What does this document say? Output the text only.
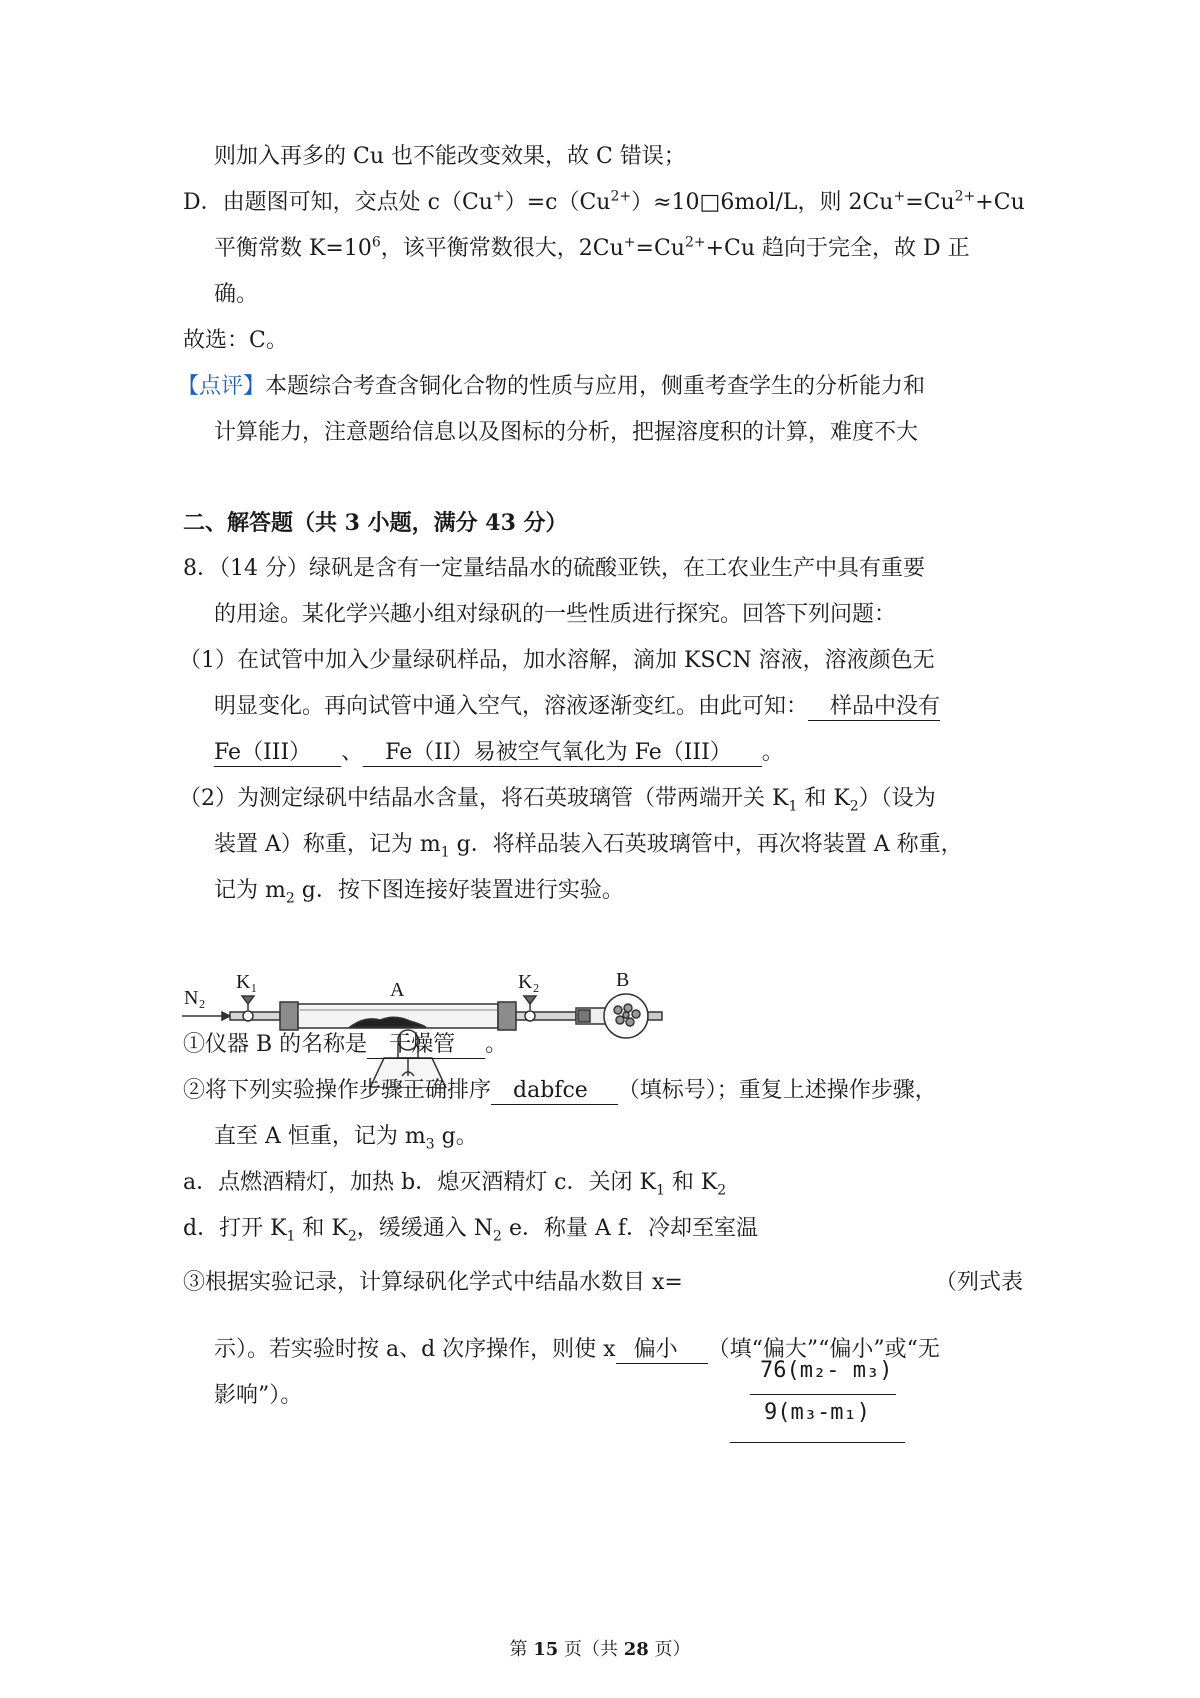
则加入再多的 Cu 也不能改变效果，故 C 错误；
D．由题图可知，交点处 $c(Cu^+)=c(Cu^{2+})\approx 10□6mol/L$，则 $2Cu^+=Cu^{2+}+Cu$
平衡常数 $K=10^6$，该平衡常数很大，$2Cu^+=Cu^{2+}+Cu$ 趋向于完全，故 D 正
确。
故选：C。
【点评】本题综合考查含铜化合物的性质与应用，侧重考查学生的分析能力和
计算能力，注意题给信息以及图标的分析，把握溶度积的计算，难度不大
二、解答题（共 3 小题，满分 43 分）
8．（14 分）绿矾是含有一定量结晶水的硫酸亚铁，在工农业生产中具有重要
的用途。某化学兴趣小组对绿矾的一些性质进行探究。回答下列问题：
（1）在试管中加入少量绿矾样品，加水溶解，滴加 KSCN 溶液，溶液颜色无
明显变化。再向试管中通入空气，溶液逐渐变红。由此可知： 样品中没有
Fe（III） 、 Fe（II）易被空气氧化为 Fe（III） 。
（2）为测定绿矾中结晶水含量，将石英玻璃管（带两端开关 $K_1$ 和 $K_2$）（设为
装置 A）称重，记为 $m_1$ g．将样品装入石英玻璃管中，再次将装置 A 称重，
记为 $m_2$ g．按下图连接好装置进行实验。
N₂
K₁	A	K₂	B
①仪器 B 的名称是 干燥管 。
②将下列实验操作步骤正确排序 dabfce （填标号）；重复上述操作步骤，
直至 A 恒重，记为 $m_3$ g。
a．点燃酒精灯，加热 b．熄灭酒精灯 c．关闭 $K_1$ 和 $K_2$
d．打开 $K_1$ 和 $K_2$，缓缓通入 $N_2$ e．称量 A f．冷却至室温
③根据实验记录，计算绿矾化学式中结晶水数目 x=
76(m₂- m₃)
9(m₃-m₁)
（列式表
示）。若实验时按 a、d 次序操作，则使 x 偏小 （填“偏大”“偏小”或“无
影响”）。
第 15 页（共 28 页）
